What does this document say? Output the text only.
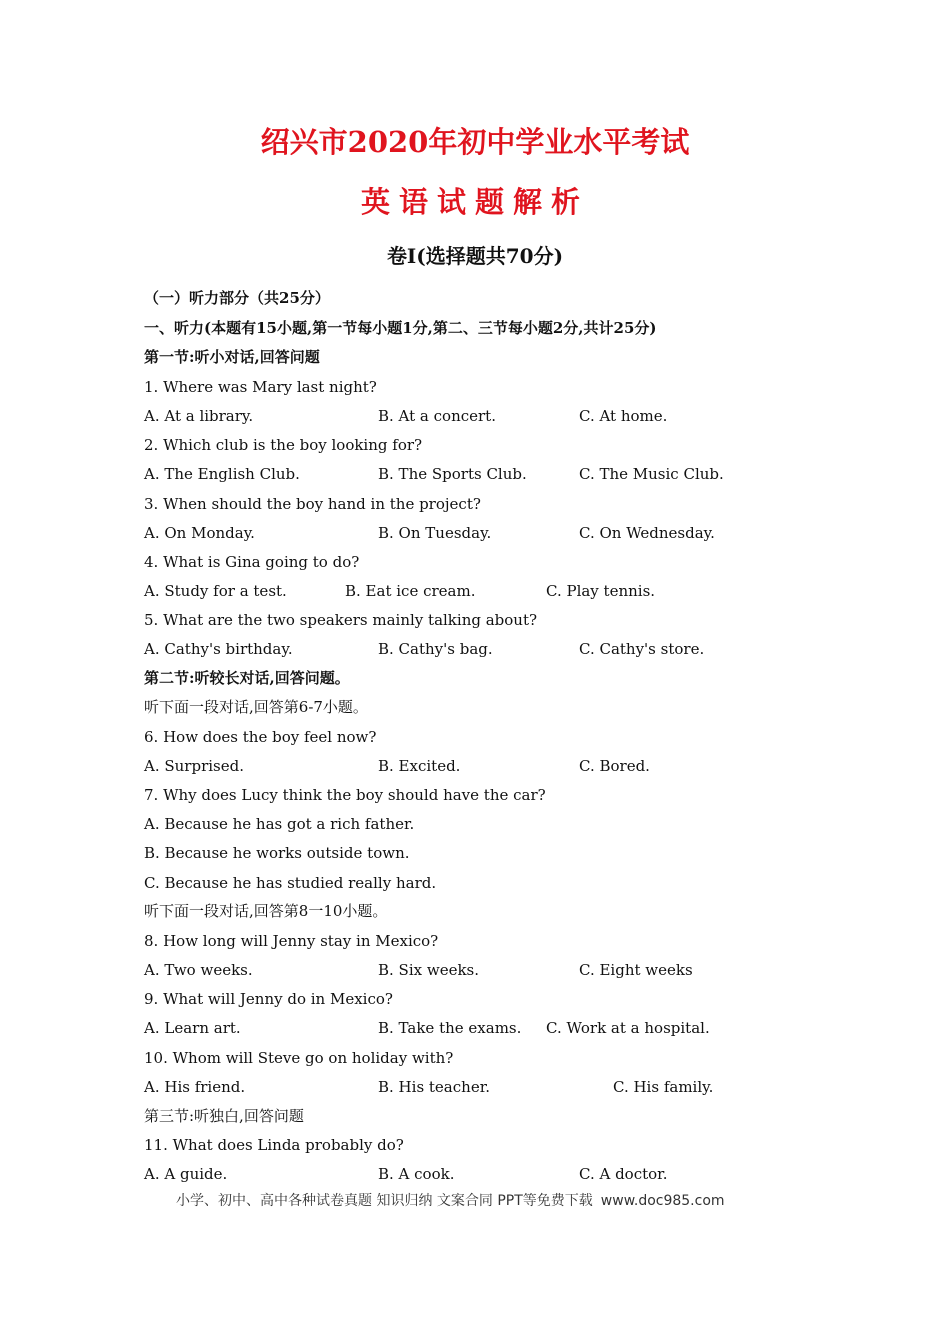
绍兴市2020年初中学业水平考试
英语试题解析
卷I(选择题共70分)
（一）听力部分（共25分）
一、听力(本题有15小题,第一节每小题1分,第二、三节每小题2分,共计25分)
第一节:听小对话,回答问题
1. Where was Mary last night?
A. At a library.	B. At a concert.	C. At home.
2. Which club is the boy looking for?
A. The English Club.	B. The Sports Club.	C. The Music Club.
3. When should the boy hand in the project?
A. On Monday.	B. On Tuesday.	C. On Wednesday.
4. What is Gina going to do?
A. Study for a test.	B. Eat ice cream.	C. Play tennis.
5. What are the two speakers mainly talking about?
A. Cathy's birthday.	B. Cathy's bag.	C. Cathy's store.
第二节:听较长对话,回答问题。
听下面一段对话,回答第6-7小题。
6. How does the boy feel now?
A. Surprised.	B. Excited.	C. Bored.
7. Why does Lucy think the boy should have the car?
A. Because he has got a rich father.
B. Because he works outside town.
C. Because he has studied really hard.
听下面一段对话,回答第8一10小题。
8. How long will Jenny stay in Mexico?
A. Two weeks.	B. Six weeks.	C. Eight weeks
9. What will Jenny do in Mexico?
A. Learn art.	B. Take the exams. C. Work at a hospital.
10. Whom will Steve go on holiday with?
A. His friend.	B. His teacher.	C. His family.
第三节:听独白,回答问题
11. What does Linda probably do?
A. A guide.	B. A cook.	C. A doctor.
小学、初中、高中各种试卷真题 知识归纳 文案合同 PPT等免费下载 www.doc985.com
